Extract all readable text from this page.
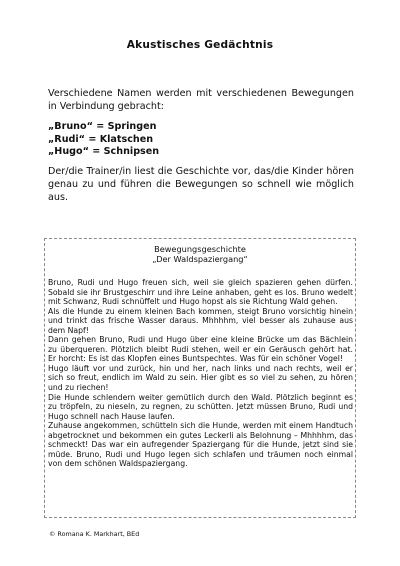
Akustisches Gedächtnis
Verschiedene Namen werden mit verschiedenen Bewegungen in Verbindung gebracht:
„Bruno“ = Springen
„Rudi“ = Klatschen
„Hugo“ = Schnipsen
Der/die Trainer/in liest die Geschichte vor, das/die Kinder hören genau zu und führen die Bewegungen so schnell wie möglich aus.
Bewegungsgeschichte
„Der Waldspaziergang“

Bruno, Rudi und Hugo freuen sich, weil sie gleich spazieren gehen dürfen. Sobald sie ihr Brustgeschirr und ihre Leine anhaben, geht es los. Bruno wedelt mit Schwanz, Rudi schnüffelt und Hugo hopst als sie Richtung Wald gehen.

Als die Hunde zu einem kleinen Bach kommen, steigt Bruno vorsichtig hinein und trinkt das frische Wasser daraus. Mhhhhm, viel besser als zuhause aus dem Napf!

Dann gehen Bruno, Rudi und Hugo über eine kleine Brücke um das Bächlein zu überqueren. Plötzlich bleibt Rudi stehen, weil er ein Geräusch gehört hat. Er horcht: Es ist das Klopfen eines Buntspechtes. Was für ein schöner Vogel!

Hugo läuft vor und zurück, hin und her, nach links und nach rechts, weil er sich so freut, endlich im Wald zu sein. Hier gibt es so viel zu sehen, zu hören und zu riechen!

Die Hunde schlendern weiter gemütlich durch den Wald. Plötzlich beginnt es zu tröpfeln, zu nieseln, zu regnen, zu schütten. Jetzt müssen Bruno, Rudi und Hugo schnell nach Hause laufen.

Zuhause angekommen, schütteln sich die Hunde, werden mit einem Handtuch abgetrocknet und bekommen ein gutes Leckerli als Belohnung – Mhhhhm, das schmeckt! Das war ein aufregender Spaziergang für die Hunde, jetzt sind sie müde. Bruno, Rudi und Hugo legen sich schlafen und träumen noch einmal von dem schönen Waldspaziergang.

© Romana K. Markhart, BEd
